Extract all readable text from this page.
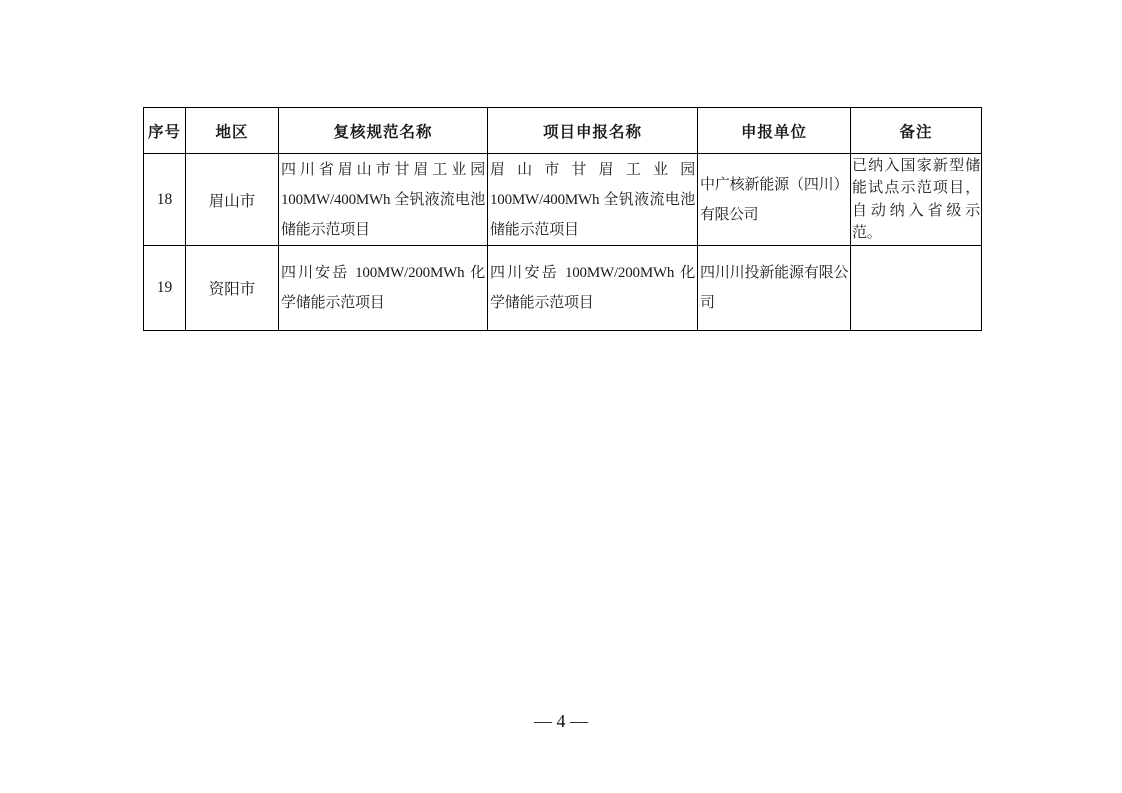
序号	地区	复核规范名称	项目申报名称	申报单位	备注
18	眉山市	四川省眉山市甘眉工业园100MW/400MWh 全钒液流电池储能示范项目	眉山市甘眉工业园 100MW/400MWh 全钒液流电池储能示范项目	中广核新能源（四川）有限公司	已纳入国家新型储能试点示范项目，自动纳入省级示范。
19	资阳市	四川安岳 100MW/200MWh 化学储能示范项目	四川安岳 100MW/200MWh 化学储能示范项目	四川川投新能源有限公司	
— 4 —
